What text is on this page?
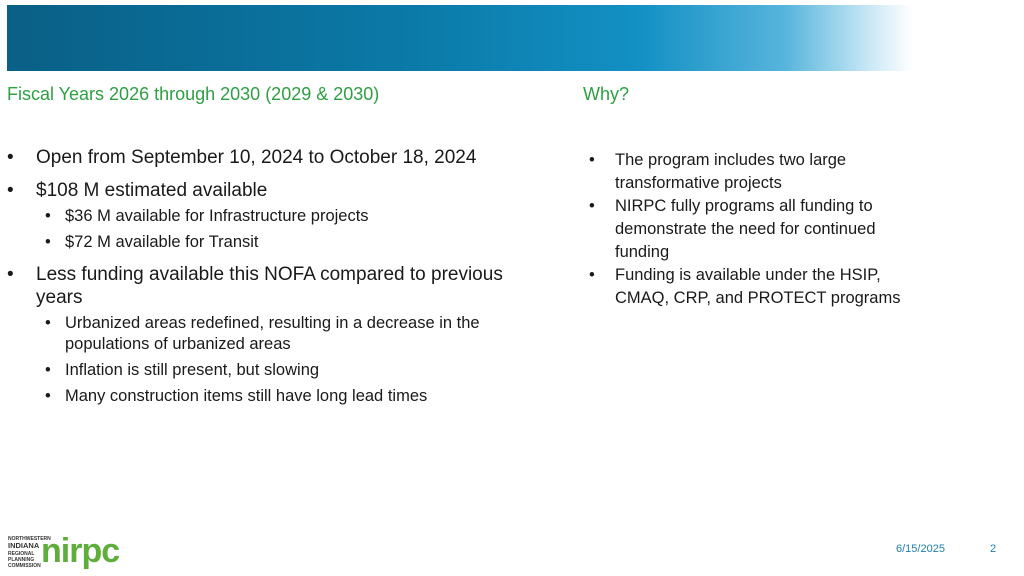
Fiscal Years 2026 through 2030 (2029 & 2030)	Why?
• Open from September 10, 2024 to October 18, 2024
• $108 M estimated available
• $36 M available for Infrastructure projects
• $72 M available for Transit
• Less funding available this NOFA compared to previous years
• Urbanized areas redefined, resulting in a decrease in the populations of urbanized areas
• Inflation is still present, but slowing
• Many construction items still have long lead times
• The program includes two large transformative projects
• NIRPC fully programs all funding to demonstrate the need for continued funding
• Funding is available under the HSIP, CMAQ, CRP, and PROTECT programs
NORTHWESTERN
INDIANA
REGIONAL
PLANNING
COMMISSION nirpc	6/15/2025	2
